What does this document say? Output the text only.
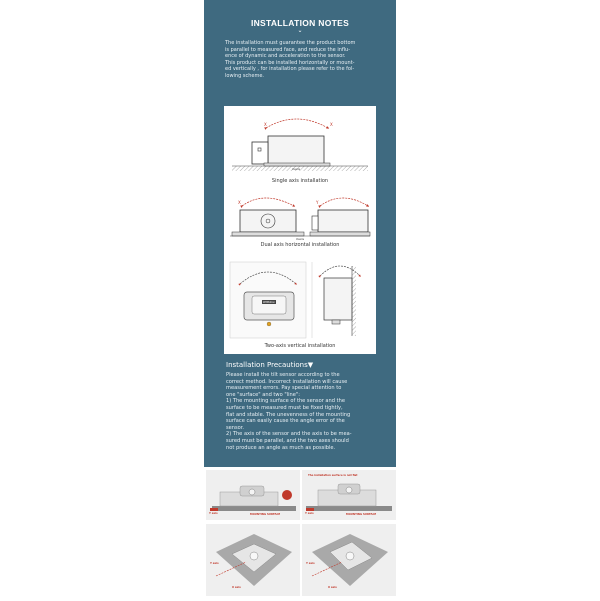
INSTALLATION NOTES
⌄
The installation must guarantee the product bottom
is parallel to measured face, and reduce the influ-
ence of dynamic and acceleration to the sensor.
This product can be installed horizontally or mount-
ed vertically , for installation please refer to the fol-
lowing scheme.
X	X
Xaxis
X	Y
Xaxis
WitMotion
Single axis installation
Dual axis horizontal installation
Two-axis vertical installation
Installation Precautions▼
Please install the tilt sensor according to the
correct method. Incorrect installation will cause
measurement errors. Pay special attention to
one "surface" and two "line":
1) The mounting surface of the sensor and the
surface to be measured must be fixed tightly,
flat and stable. The unevenness of the mounting
surface can easily cause the angle error of the
sensor.
2) The axis of the sensor and the axis to be mea-
sured must be parallel, and the two axes should
not produce an angle as much as possible.
Y axis	MOUNTING SURFACE	Y axis	MOUNTING SURFACE
The installation surface is not flat
Y axis
X axis
Y axis
X axis
